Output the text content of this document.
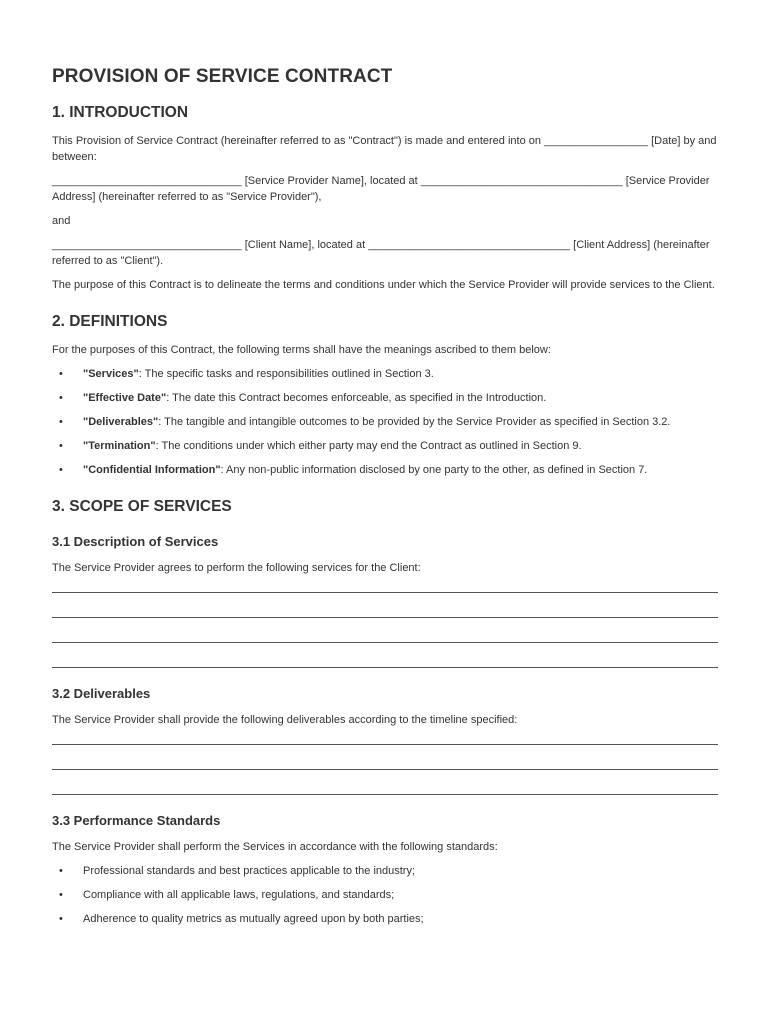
PROVISION OF SERVICE CONTRACT
1. INTRODUCTION

This Provision of Service Contract (hereinafter referred to as "Contract") is made and entered into on _________________ [Date] by and between:

_______________________________ [Service Provider Name], located at _________________________________ [Service Provider Address] (hereinafter referred to as "Service Provider"),

and

_______________________________ [Client Name], located at _________________________________ [Client Address] (hereinafter referred to as "Client").

The purpose of this Contract is to delineate the terms and conditions under which the Service Provider will provide services to the Client.

2. DEFINITIONS

For the purposes of this Contract, the following terms shall have the meanings ascribed to them below:

• "Services": The specific tasks and responsibilities outlined in Section 3.
• "Effective Date": The date this Contract becomes enforceable, as specified in the Introduction.
• "Deliverables": The tangible and intangible outcomes to be provided by the Service Provider as specified in Section 3.2.
• "Termination": The conditions under which either party may end the Contract as outlined in Section 9.
• "Confidential Information": Any non-public information disclosed by one party to the other, as defined in Section 7.
3. SCOPE OF SERVICES
3.1 Description of Services

The Service Provider agrees to perform the following services for the Client:

3.2 Deliverables

The Service Provider shall provide the following deliverables according to the timeline specified:

3.3 Performance Standards

The Service Provider shall perform the Services in accordance with the following standards:

• Professional standards and best practices applicable to the industry;
• Compliance with all applicable laws, regulations, and standards;
• Adherence to quality metrics as mutually agreed upon by both parties;
